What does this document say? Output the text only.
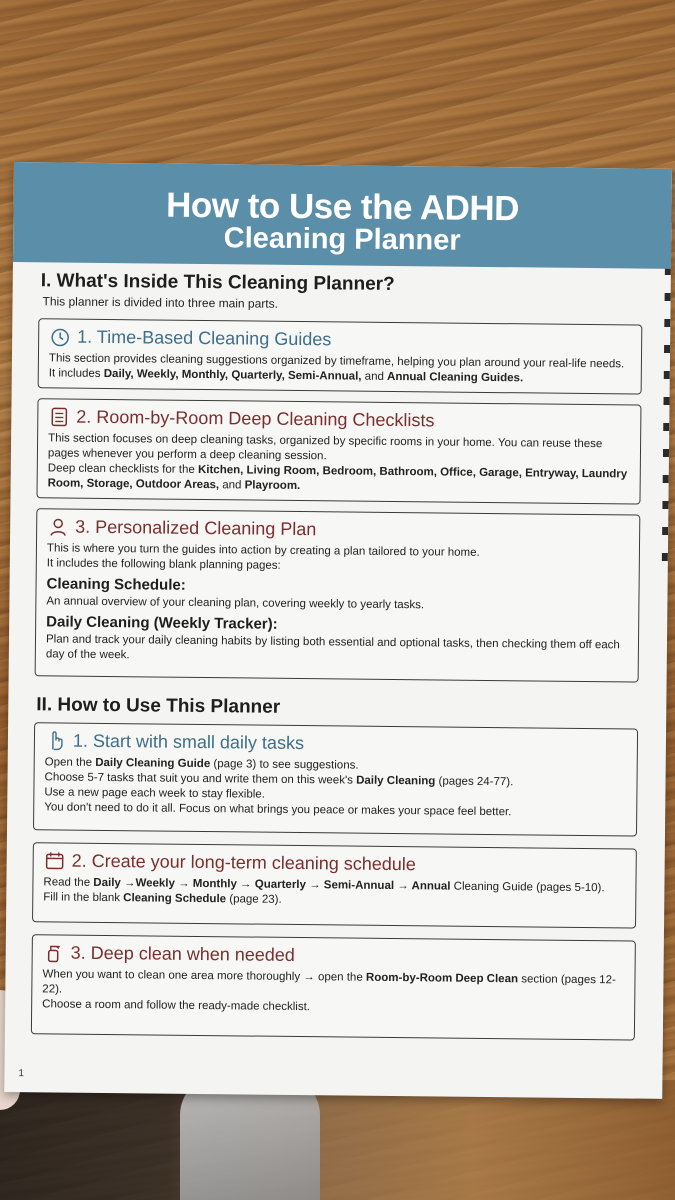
How to Use the ADHD
Cleaning Planner
I. What's Inside This Cleaning Planner?
This planner is divided into three main parts.
1. Time-Based Cleaning Guides

This section provides cleaning suggestions organized by timeframe, helping you plan around your real-life needs. It includes Daily, Weekly, Monthly, Quarterly, Semi-Annual, and Annual Cleaning Guides.

2. Room-by-Room Deep Cleaning Checklists

This section focuses on deep cleaning tasks, organized by specific rooms in your home. You can reuse these pages whenever you perform a deep cleaning session.

Deep clean checklists for the Kitchen, Living Room, Bedroom, Bathroom, Office, Garage, Entryway, Laundry Room, Storage, Outdoor Areas, and Playroom.

3. Personalized Cleaning Plan

This is where you turn the guides into action by creating a plan tailored to your home.

It includes the following blank planning pages:

Cleaning Schedule:

An annual overview of your cleaning plan, covering weekly to yearly tasks.

Daily Cleaning (Weekly Tracker):

Plan and track your daily cleaning habits by listing both essential and optional tasks, then checking them off each day of the week.

II. How to Use This Planner
1. Start with small daily tasks

Open the Daily Cleaning Guide (page 3) to see suggestions.

Choose 5-7 tasks that suit you and write them on this week's Daily Cleaning (pages 24-77).

Use a new page each week to stay flexible.

You don't need to do it all. Focus on what brings you peace or makes your space feel better.

2. Create your long-term cleaning schedule

Read the Daily →Weekly → Monthly → Quarterly → Semi-Annual → Annual Cleaning Guide (pages 5-10).

Fill in the blank Cleaning Schedule (page 23).

3. Deep clean when needed

When you want to clean one area more thoroughly → open the Room-by-Room Deep Clean section (pages 12-22).

Choose a room and follow the ready-made checklist.

1
